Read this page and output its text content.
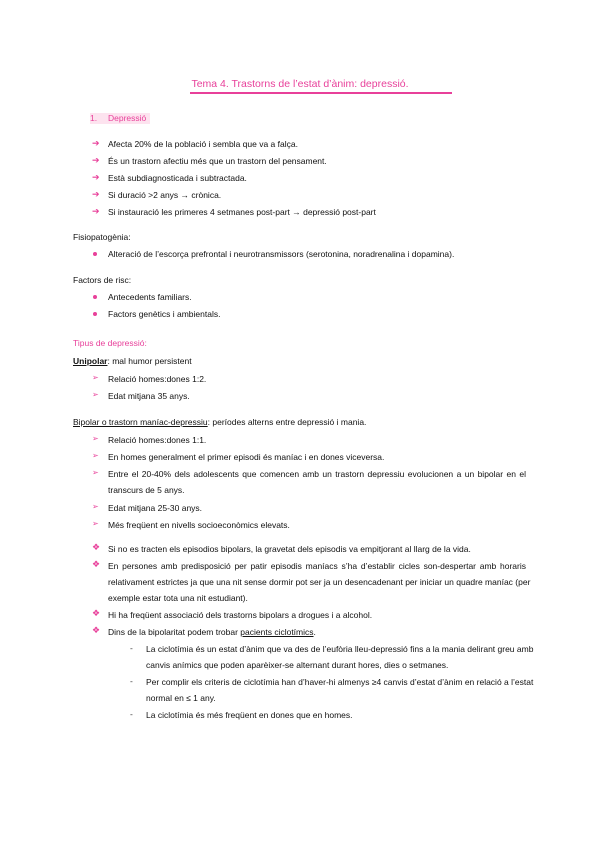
Tema 4. Trastorns de l’estat d’ànim: depressió.
1. Depressió
➔ Afecta 20% de la població i sembla que va a falça.
➔ És un trastorn afectiu més que un trastorn del pensament.
➔ Està subdiagnosticada i subtractada.
➔ Si duració >2 anys → crònica.
➔ Si instauració les primeres 4 setmanes post-part → depressió post-part
Fisiopatogènia:
Alteració de l’escorça prefrontal i neurotransmissors (serotonina, noradrenalina i dopamina).
Factors de risc:
Antecedents familiars.
Factors genètics i ambientals.
Tipus de depressió:
Unipolar: mal humor persistent
➢ Relació homes:dones 1:2.
➢ Edat mitjana 35 anys.
Bipolar o trastorn maníac-depressiu: períodes alterns entre depressió i mania.
➢ Relació homes:dones 1:1.
➢ En homes generalment el primer episodi és maníac i en dones viceversa.
➢ Entre el 20-40% dels adolescents que comencen amb un trastorn depressiu evolucionen a un bipolar en el
transcurs de 5 anys.
➢ Edat mitjana 25-30 anys.
➢ Més freqüent en nivells socioeconòmics elevats.
❖ Si no es tracten els episodios bipolars, la gravetat dels episodis va empitjorant al llarg de la vida.
❖ En persones amb predisposició per patir episodis maníacs s’ha d’establir cicles son-despertar amb horaris
relativament estrictes ja que una nit sense dormir pot ser ja un desencadenant per iniciar un quadre maníac (per
exemple estar tota una nit estudiant).
❖ Hi ha freqüent associació dels trastorns bipolars a drogues i a alcohol.
❖ Dins de la bipolaritat podem trobar pacients ciclotímics.
- La ciclotímia és un estat d’ànim que va des de l’eufòria lleu-depressió fins a la mania delirant greu amb
canvis anímics que poden aparèixer-se alternant durant hores, dies o setmanes.
- Per complir els criteris de ciclotímia han d’haver-hi almenys ≥4 canvis d’estat d’ànim en relació a l’estat
normal en ≤ 1 any.
- La ciclotímia és més freqüent en dones que en homes.
